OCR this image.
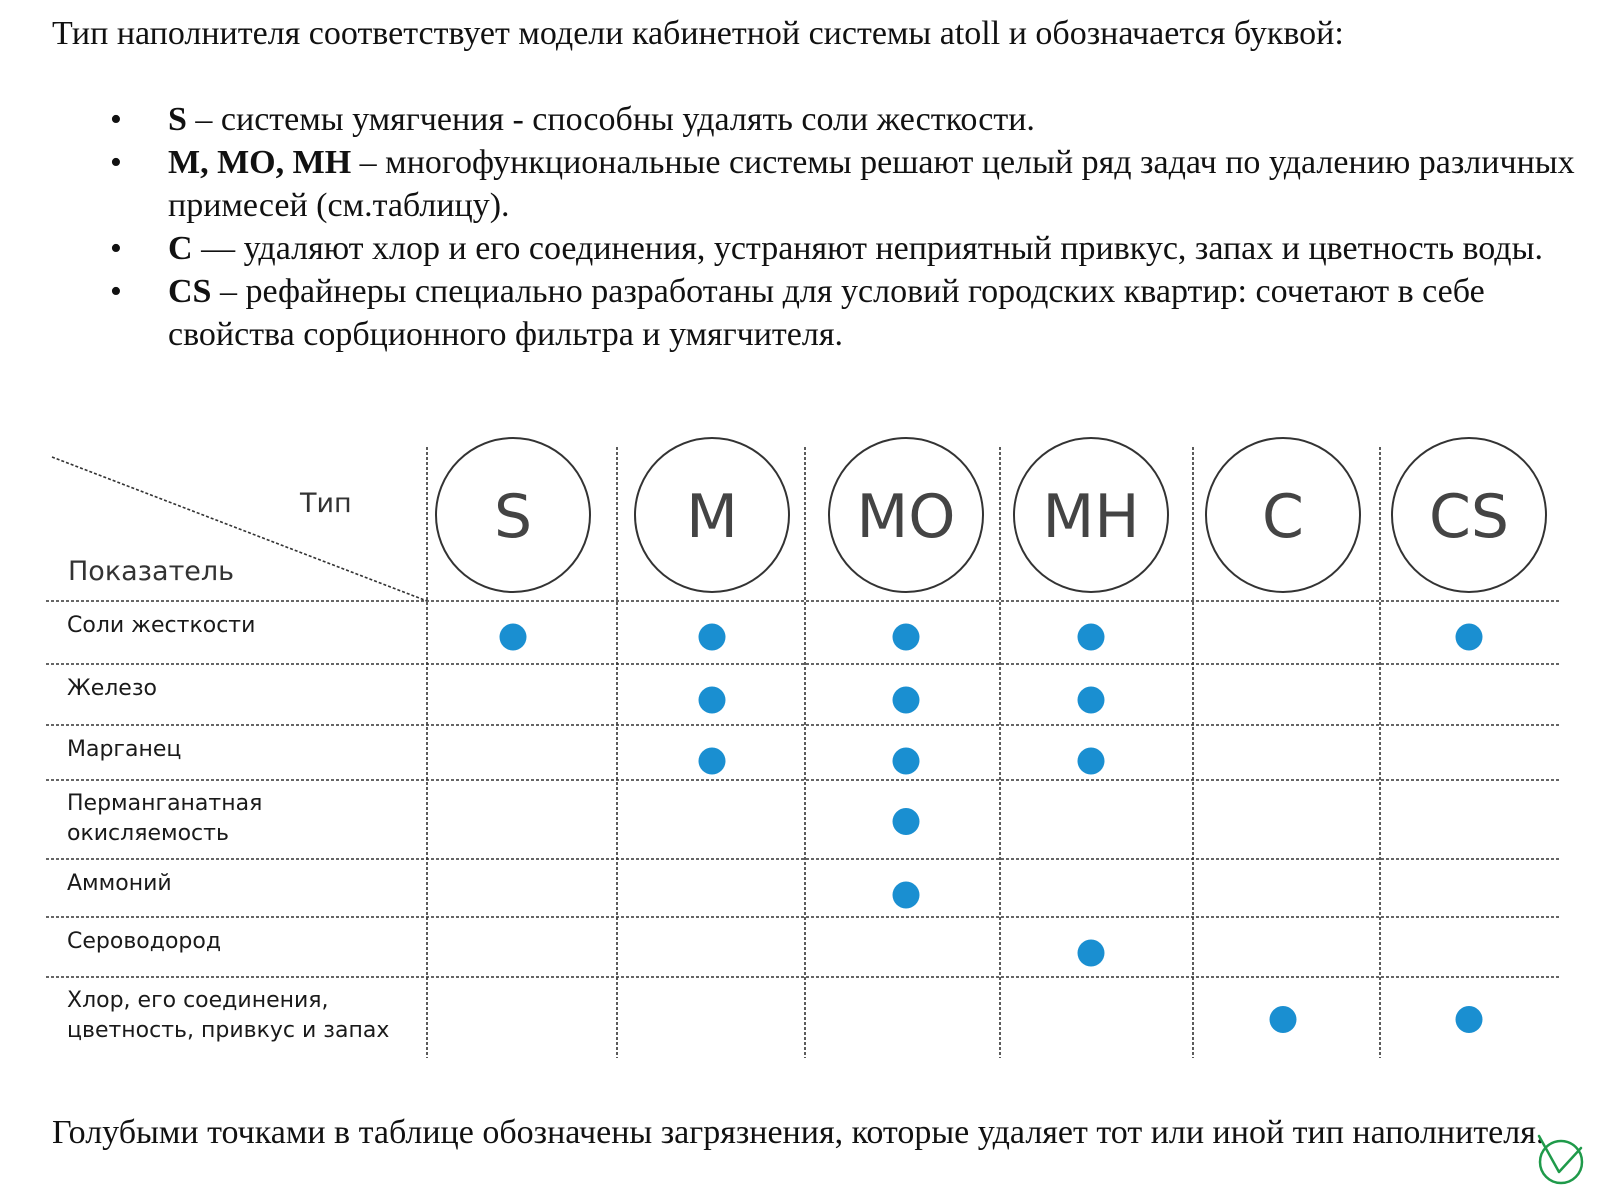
Тип наполнителя соответствует модели кабинетной системы atoll и обозначается буквой:

• S – системы умягчения - способны удалять соли жесткости.
• M, MO, MH – многофункциональные системы решают целый ряд задач по удалению различных примесей (см.таблицу).
• C — удаляют хлор и его соединения, устраняют неприятный привкус, запах и цветность воды.
• CS – рефайнеры специально разработаны для условий городских квартир: сочетают в себе свойства сорбционного фильтра и умягчителя.
Тип
Показатель
S	M MO MH C CS
Соли жесткости
Железо
Марганец
Перманганатная
окисляемость
Аммоний
Сероводород
Хлор, его соединения,
цветность, привкус и запах

Голубыми точками в таблице обозначены загрязнения, которые удаляет тот или иной тип наполнителя.
